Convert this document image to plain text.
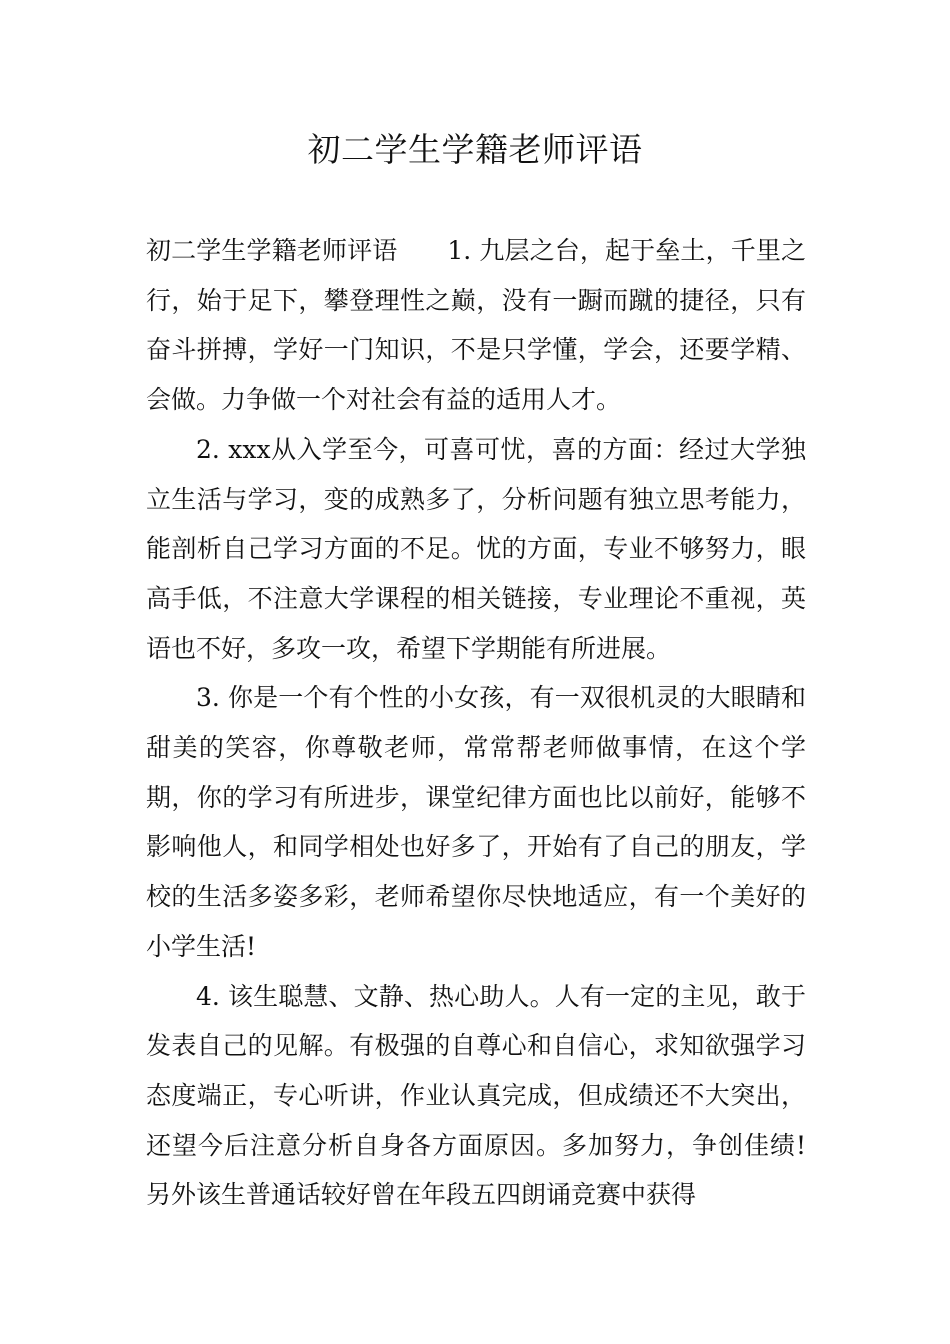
初二学生学籍老师评语

初二学生学籍老师评语 1. 九层之台，起于垒土，千里之行，始于足下，攀登理性之巅，没有一蹰而蹴的捷径，只有奋斗拼搏，学好一门知识，不是只学懂，学会，还要学精、会做。力争做一个对社会有益的适用人才。

2. xxx从入学至今，可喜可忧，喜的方面：经过大学独立生活与学习，变的成熟多了，分析问题有独立思考能力，能剖析自己学习方面的不足。忧的方面，专业不够努力，眼高手低，不注意大学课程的相关链接，专业理论不重视，英语也不好，多攻一攻，希望下学期能有所进展。

3. 你是一个有个性的小女孩，有一双很机灵的大眼睛和甜美的笑容，你尊敬老师，常常帮老师做事情，在这个学期，你的学习有所进步，课堂纪律方面也比以前好，能够不影响他人，和同学相处也好多了，开始有了自己的朋友，学校的生活多姿多彩，老师希望你尽快地适应，有一个美好的小学生活!

4. 该生聪慧、文静、热心助人。人有一定的主见，敢于发表自己的见解。有极强的自尊心和自信心，求知欲强学习态度端正，专心听讲，作业认真完成，但成绩还不大突出，还望今后注意分析自身各方面原因。多加努力，争创佳绩!另外该生普通话较好曾在年段五四朗诵竞赛中获得
